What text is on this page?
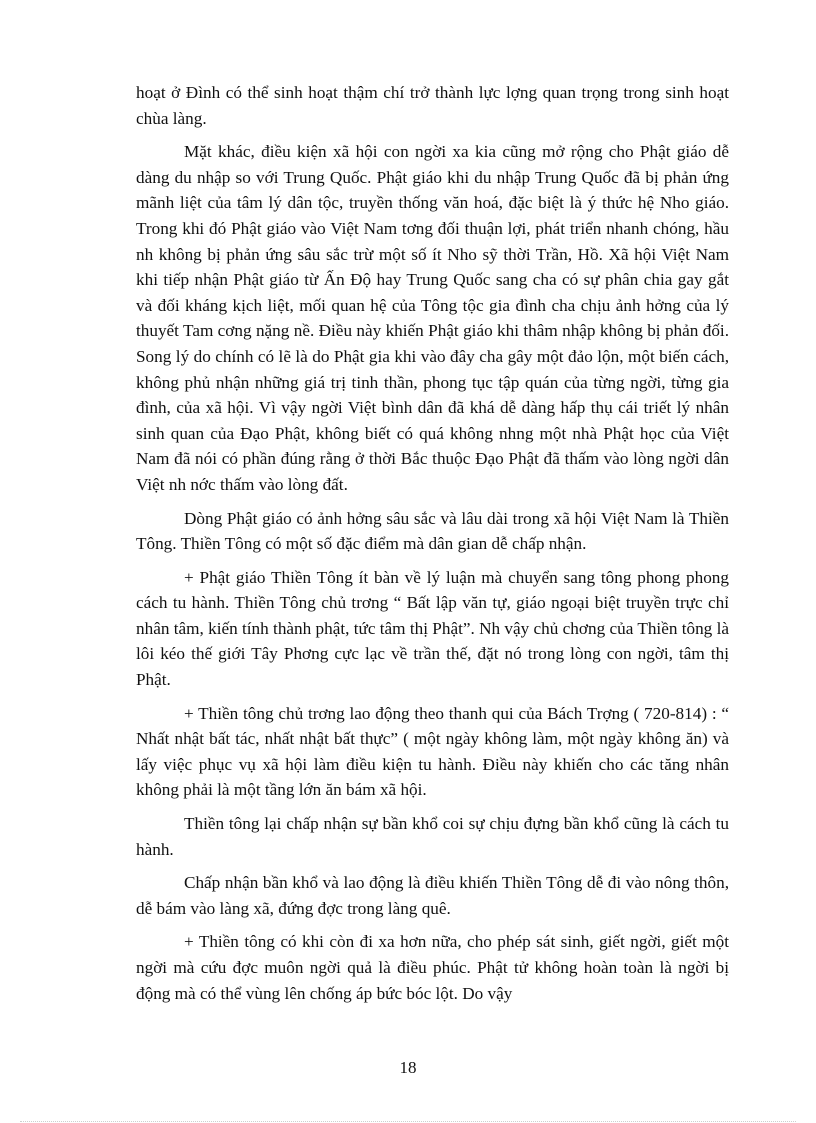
hoạt ở Đình có thể sinh hoạt thậm chí trở thành lực lợng quan trọng trong sinh hoạt chùa làng.

Mặt khác, điều kiện xã hội con ngời xa kia cũng mở rộng cho Phật giáo dễ dàng du nhập so với Trung Quốc. Phật giáo khi du nhập Trung Quốc đã bị phản ứng mãnh liệt của tâm lý dân tộc, truyền thống văn hoá, đặc biệt là ý thức hệ Nho giáo. Trong khi đó Phật giáo vào Việt Nam tơng đối thuận lợi, phát triển nhanh chóng, hầu nh không bị phản ứng sâu sắc trừ một số ít Nho sỹ thời Trần, Hồ. Xã hội Việt Nam khi tiếp nhận Phật giáo từ Ấn Độ hay Trung Quốc sang cha có sự phân chia gay gắt và đối kháng kịch liệt, mối quan hệ của Tông tộc gia đình cha chịu ảnh hởng của lý thuyết Tam cơng nặng nề. Điều này khiến Phật giáo khi thâm nhập không bị phản đối. Song lý do chính có lẽ là do Phật gia khi vào đây cha gây một đảo lộn, một biến cách, không phủ nhận những giá trị tinh thần, phong tục tập quán của từng ngời, từng gia đình, của xã hội. Vì vậy ngời Việt bình dân đã khá dễ dàng hấp thụ cái triết lý nhân sinh quan của Đạo Phật, không biết có quá không nhng một nhà Phật học của Việt Nam đã nói có phần đúng rằng ở thời Bắc thuộc Đạo Phật đã thấm vào lòng ngời dân Việt nh nớc thấm vào lòng đất.

Dòng Phật giáo có ảnh hởng sâu sắc và lâu dài trong xã hội Việt Nam là Thiền Tông. Thiền Tông có một số đặc điểm mà dân gian dễ chấp nhận.

+ Phật giáo Thiền Tông ít bàn về lý luận mà chuyển sang tông phong phong cách tu hành. Thiền Tông chủ trơng “ Bất lập văn tự, giáo ngoại biệt truyền trực chỉ nhân tâm, kiến tính thành phật, tức tâm thị Phật”. Nh vậy chủ chơng của Thiền tông là lôi kéo thế giới Tây Phơng cực lạc về trần thế, đặt nó trong lòng con ngời, tâm thị Phật.

+ Thiền tông chủ trơng lao động theo thanh qui của Bách Trợng ( 720-814) : “ Nhất nhật bất tác, nhất nhật bất thực” ( một ngày không làm, một ngày không ăn) và lấy việc phục vụ xã hội làm điều kiện tu hành. Điều này khiến cho các tăng nhân không phải là một tầng lớn ăn bám xã hội.

Thiền tông lại chấp nhận sự bần khổ coi sự chịu đựng bần khổ cũng là cách tu hành.

Chấp nhận bần khổ và lao động là điều khiến Thiền Tông dễ đi vào nông thôn, dễ bám vào làng xã, đứng đợc trong làng quê.

+ Thiền tông có khi còn đi xa hơn nữa, cho phép sát sinh, giết ngời, giết một ngời mà cứu đợc muôn ngời quả là điều phúc. Phật tử không hoàn toàn là ngời bị động mà có thể vùng lên chống áp bức bóc lột. Do vậy

18
